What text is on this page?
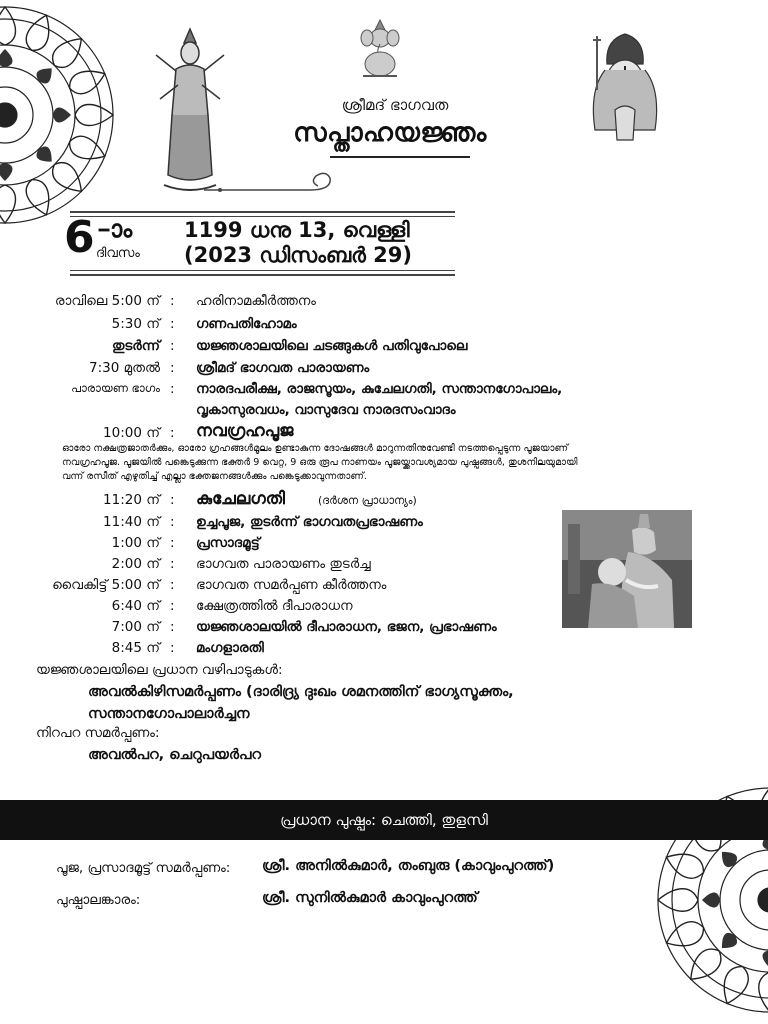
ശ്രീമദ് ഭാഗവത
സപ്താഹയജ്ഞം
6 –ാം
ദിവസം
1199 ധനു 13, വെള്ളി
(2023 ഡിസംബർ 29)
രാവിലെ 5:00 ന് : ഹരിനാമകീർത്തനം
5:30 ന് : ഗണപതിഹോമം
തുടർന്ന് : യജ്ഞശാലയിലെ ചടങ്ങുകൾ പതിവുപോലെ
7:30 മുതൽ : ശ്രീമദ് ഭാഗവത പാരായണം
പാരായണ ഭാഗം : നാരദപരീക്ഷ, രാജസൂയം, കുചേലഗതി, സന്താനഗോപാലം,
വൃകാസുരവധം, വാസുദേവ നാരദസംവാദം
10:00 ന് : നവഗ്രഹപൂജ
ഓരോ നക്ഷത്രജാതർക്കും, ഓരോ ഗ്രഹങ്ങൾമൂലം ഉണ്ടാകുന്ന ദോഷങ്ങൾ മാറുന്നതിനുവേണ്ടി നടത്തപ്പെടുന്ന പൂജയാണ്
നവഗ്രഹപൂജ. പൂജയിൽ പങ്കെടുക്കുന്ന ഭക്തർ 9 വെറ്റ, 9 ഒരു രൂപ നാണയം പൂജയ്ക്കാവശ്യമായ പുഷ്പങ്ങൾ, തുശനിലയുമായി
വന്ന് രസീത് എഴുതിച്ച് എല്ലാ ഭക്തജനങ്ങൾക്കും പങ്കെടുക്കാവുന്നതാണ്.
11:20 ന് : കുചേലഗതി	(ദർശന പ്രാധാന്യം)
11:40 ന് : ഉച്ചപൂജ, തുടർന്ന് ഭാഗവതപ്രഭാഷണം
1:00 ന് : പ്രസാദമൂട്ട്
2:00 ന് : ഭാഗവത പാരായണം തുടർച്ച
വൈകിട്ട് 5:00 ന് : ഭാഗവത സമർപ്പണ കീർത്തനം
6:40 ന് : ക്ഷേത്രത്തിൽ ദീപാരാധന
7:00 ന് : യജ്ഞശാലയിൽ ദീപാരാധന, ഭജന, പ്രഭാഷണം
8:45 ന് : മംഗളാരതി
യജ്ഞശാലയിലെ പ്രധാന വഴിപാടുകൾ:
അവൽകിഴിസമർപ്പണം (ദാരിദ്ര്യ ദുഃഖം ശമനത്തിന് ഭാഗ്യസൂക്തം,
സന്താനഗോപാലാർച്ചന
നിറപറ സമർപ്പണം:
അവൽപറ, ചെറുപയർപറ
പ്രധാന പുഷ്പം: ചെത്തി, തുളസി
പൂജ, പ്രസാദമൂട്ട് സമർപ്പണം: ശ്രീ. അനിൽകുമാർ, തംബുരു (കാവുംപുറത്ത്)
പുഷ്പാലങ്കാരം:	ശ്രീ. സുനിൽകുമാർ കാവുംപുറത്ത്
